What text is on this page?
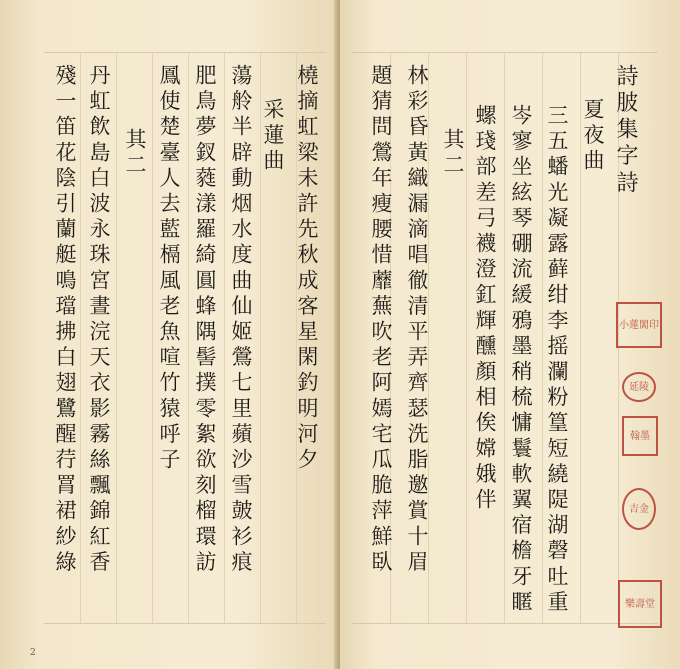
橈摘虹梁未許先秋成客星閑釣明河夕
采蓮曲
蕩舲半辟動烟水度曲仙姬鶯七里蘋沙雪皷衫痕
肥鳥夢釵蕤漾羅綺圓蜂隅髻撲零絮欲刻榴環訪
鳳使楚臺人去藍槅風老魚喧竹猿呼子
其二
丹虹飲島白波永珠宮晝浣天衣影霧絲飄錦紅香
殘一笛花陰引蘭艇鳴璫拂白翅鷺醒荇罥裙紗綠
2
詩䏢集字詩
夏夜曲
三五蟠光凝露藓绀李摇瀾粉篁短繞隄湖磬吐重
岑寥坐絃琴硼流緩鴉墨稍梳慵鬟軟翼宿檐牙䁥
螺琖部差弓襪澄釭輝醺顏相俟嫦娥伴
其二
林彩昏黃織漏滴唱徹清平弄齊瑟洗脂邀賞十眉
題猜問鶯年瘦腰惜蘼蕪吹老阿嫣宅瓜脆萍鮮臥	小蓮閣印
延陵
翰墨
吉金
樂壽堂
